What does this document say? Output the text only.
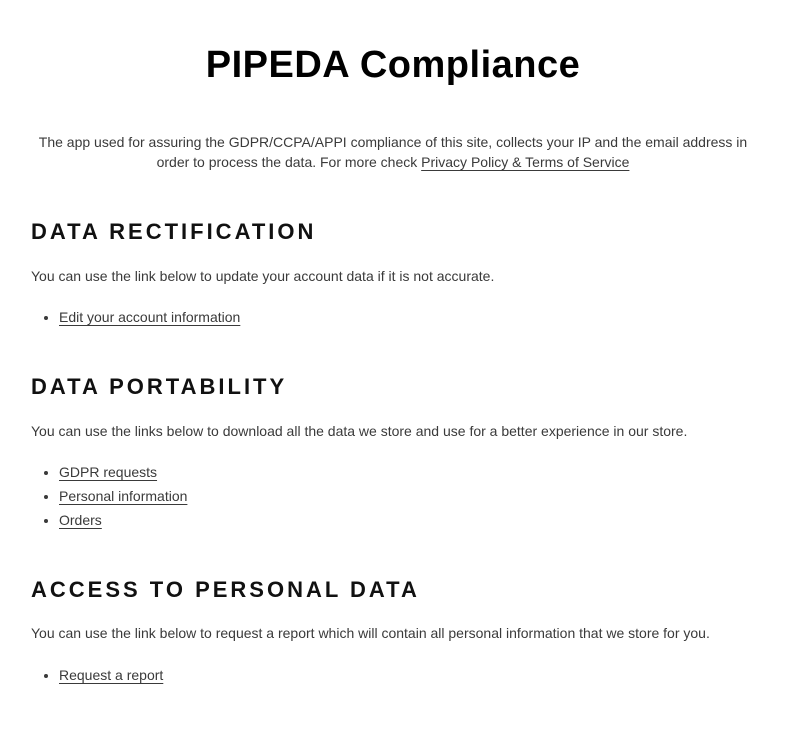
PIPEDA Compliance

The app used for assuring the GDPR/CCPA/APPI compliance of this site, collects your IP and the email address in order to process the data. For more check Privacy Policy & Terms of Service

DATA RECTIFICATION

You can use the link below to update your account data if it is not accurate.

• Edit your account information
DATA PORTABILITY

You can use the links below to download all the data we store and use for a better experience in our store.

• GDPR requests
• Personal information
• Orders
ACCESS TO PERSONAL DATA

You can use the link below to request a report which will contain all personal information that we store for you.

• Request a report
